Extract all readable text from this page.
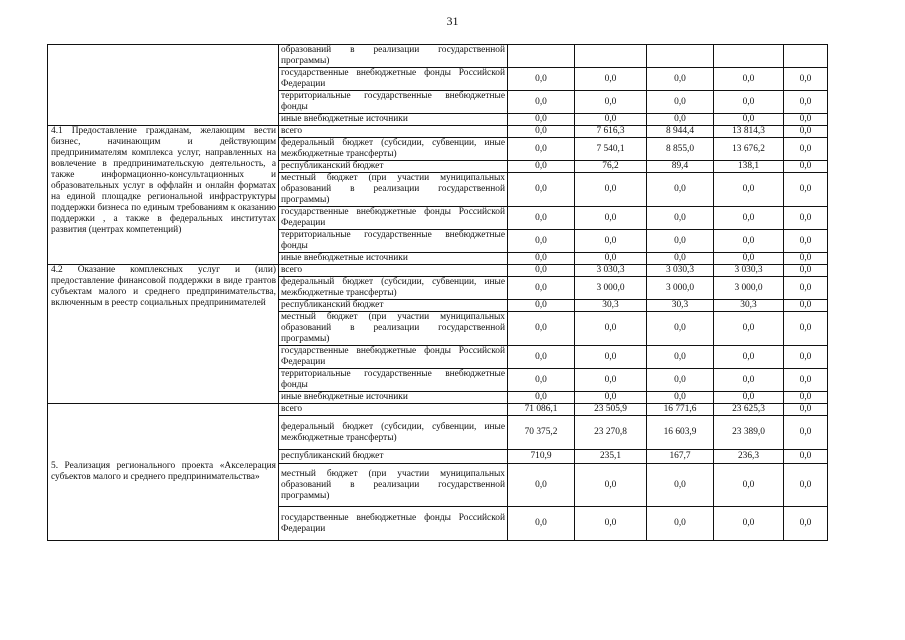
31
	образований в реализации государственной программы)					
	государственные внебюджетные фонды Российской Федерации	0,0	0,0	0,0	0,0	0,0
	территориальные государственные внебюджетные фонды	0,0	0,0	0,0	0,0	0,0
	иные внебюджетные источники	0,0	0,0	0,0	0,0	0,0
4.1 Предоставление гражданам, желающим вести бизнес, начинающим и действующим предпринимателям комплекса услуг, направленных на вовлечение в предпринимательскую деятельность, а также информационно-консультационных и образовательных услуг в оффлайн и онлайн форматах на единой площадке региональной инфраструктуры поддержки бизнеса по единым требованиям к оказанию поддержки , а также в федеральных институтах развития (центрах компетенций)	всего	0,0	7 616,3	8 944,4	13 814,3	0,0
	федеральный бюджет (субсидии, субвенции, иные межбюджетные трансферты)	0,0	7 540,1	8 855,0	13 676,2	0,0
	республиканский бюджет	0,0	76,2	89,4	138,1	0,0
	местный бюджет (при участии муниципальных образований в реализации государственной программы)	0,0	0,0	0,0	0,0	0,0
	государственные внебюджетные фонды Российской Федерации	0,0	0,0	0,0	0,0	0,0
	территориальные государственные внебюджетные фонды	0,0	0,0	0,0	0,0	0,0
	иные внебюджетные источники	0,0	0,0	0,0	0,0	0,0
4.2 Оказание комплексных услуг и (или) предоставление финансовой поддержки в виде грантов субъектам малого и среднего предпринимательства, включенным в реестр социальных предпринимателей	всего	0,0	3 030,3	3 030,3	3 030,3	0,0
	федеральный бюджет (субсидии, субвенции, иные межбюджетные трансферты)	0,0	3 000,0	3 000,0	3 000,0	0,0
	республиканский бюджет	0,0	30,3	30,3	30,3	0,0
	местный бюджет (при участии муниципальных образований в реализации государственной программы)	0,0	0,0	0,0	0,0	0,0
	государственные внебюджетные фонды Российской Федерации	0,0	0,0	0,0	0,0	0,0
	территориальные государственные внебюджетные фонды	0,0	0,0	0,0	0,0	0,0
	иные внебюджетные источники	0,0	0,0	0,0	0,0	0,0
5. Реализация регионального проекта «Акселерация субъектов малого и среднего предпринимательства»	всего	71 086,1	23 505,9	16 771,6	23 625,3	0,0
	федеральный бюджет (субсидии, субвенции, иные межбюджетные трансферты)	70 375,2	23 270,8	16 603,9	23 389,0	0,0
	республиканский бюджет	710,9	235,1	167,7	236,3	0,0
	местный бюджет (при участии муниципальных образований в реализации государственной программы)	0,0	0,0	0,0	0,0	0,0
	государственные внебюджетные фонды Российской Федерации	0,0	0,0	0,0	0,0	0,0
